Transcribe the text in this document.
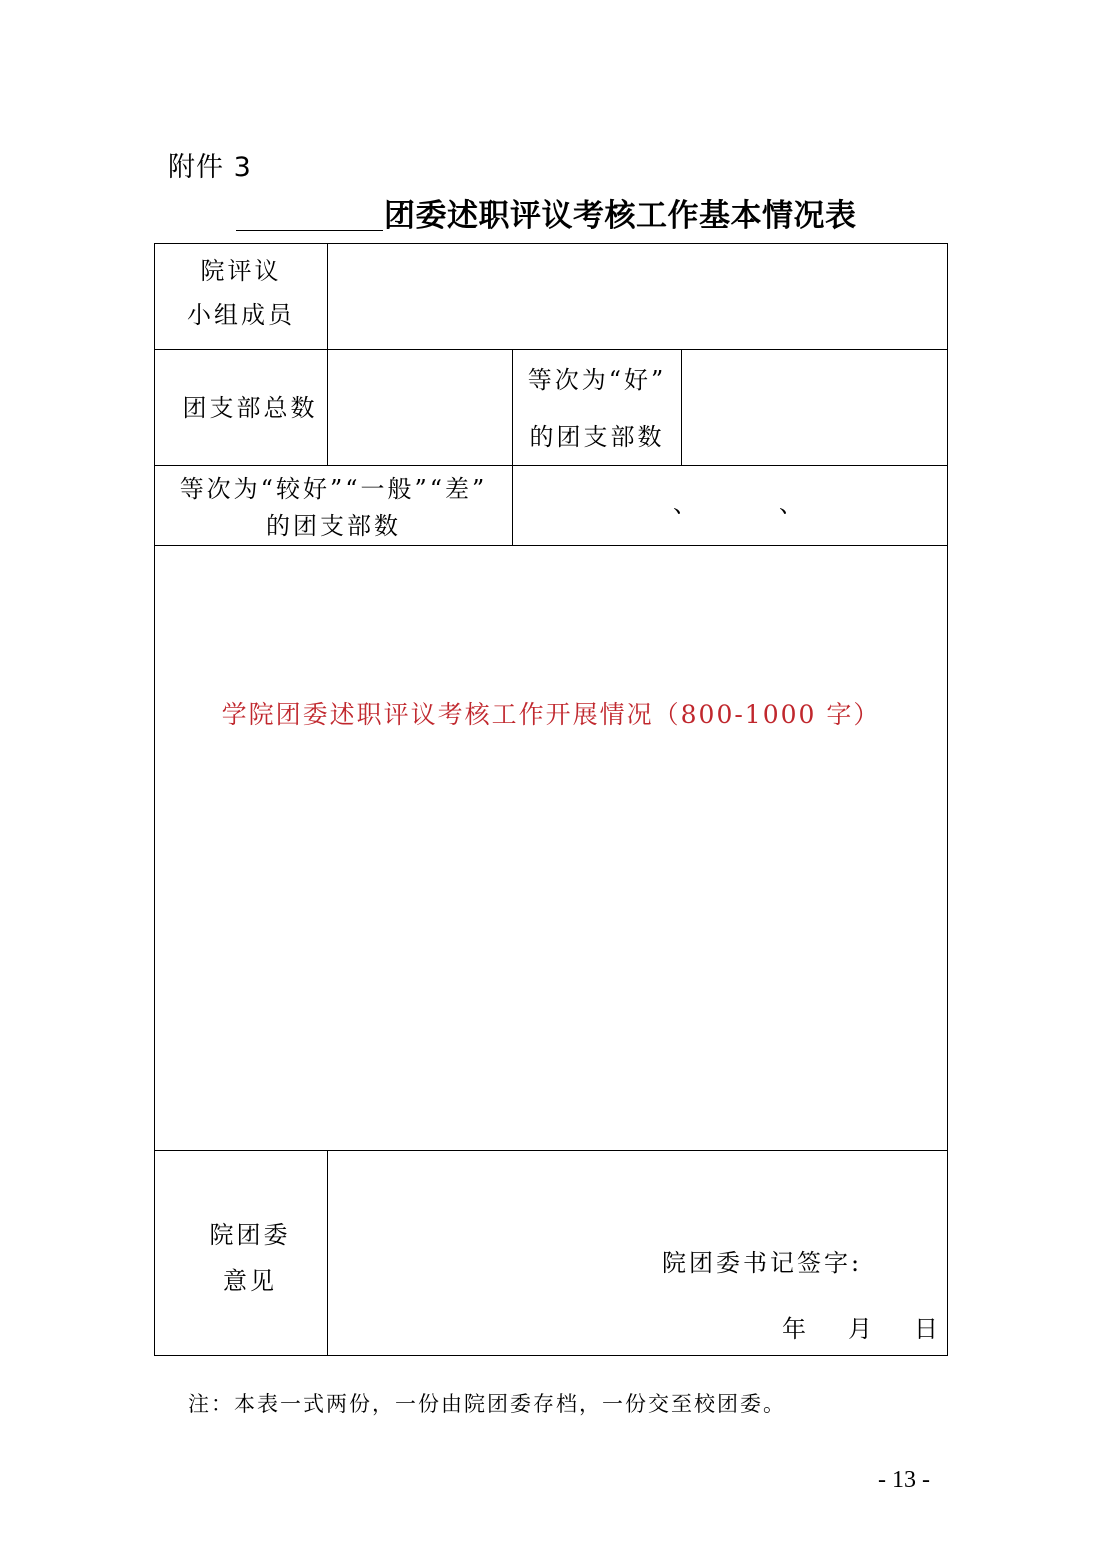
附件 3
团委述职评议考核工作基本情况表
院评议
小组成员
团支部总数
等次为“好”
的团支部数
等次为“较好”“一般”“差”
的团支部数
、	、
学院团委述职评议考核工作开展情况（800-1000 字）
院团委
意见
院团委书记签字:
年 月 日
注：本表一式两份，一份由院团委存档，一份交至校团委。
- 13 -
